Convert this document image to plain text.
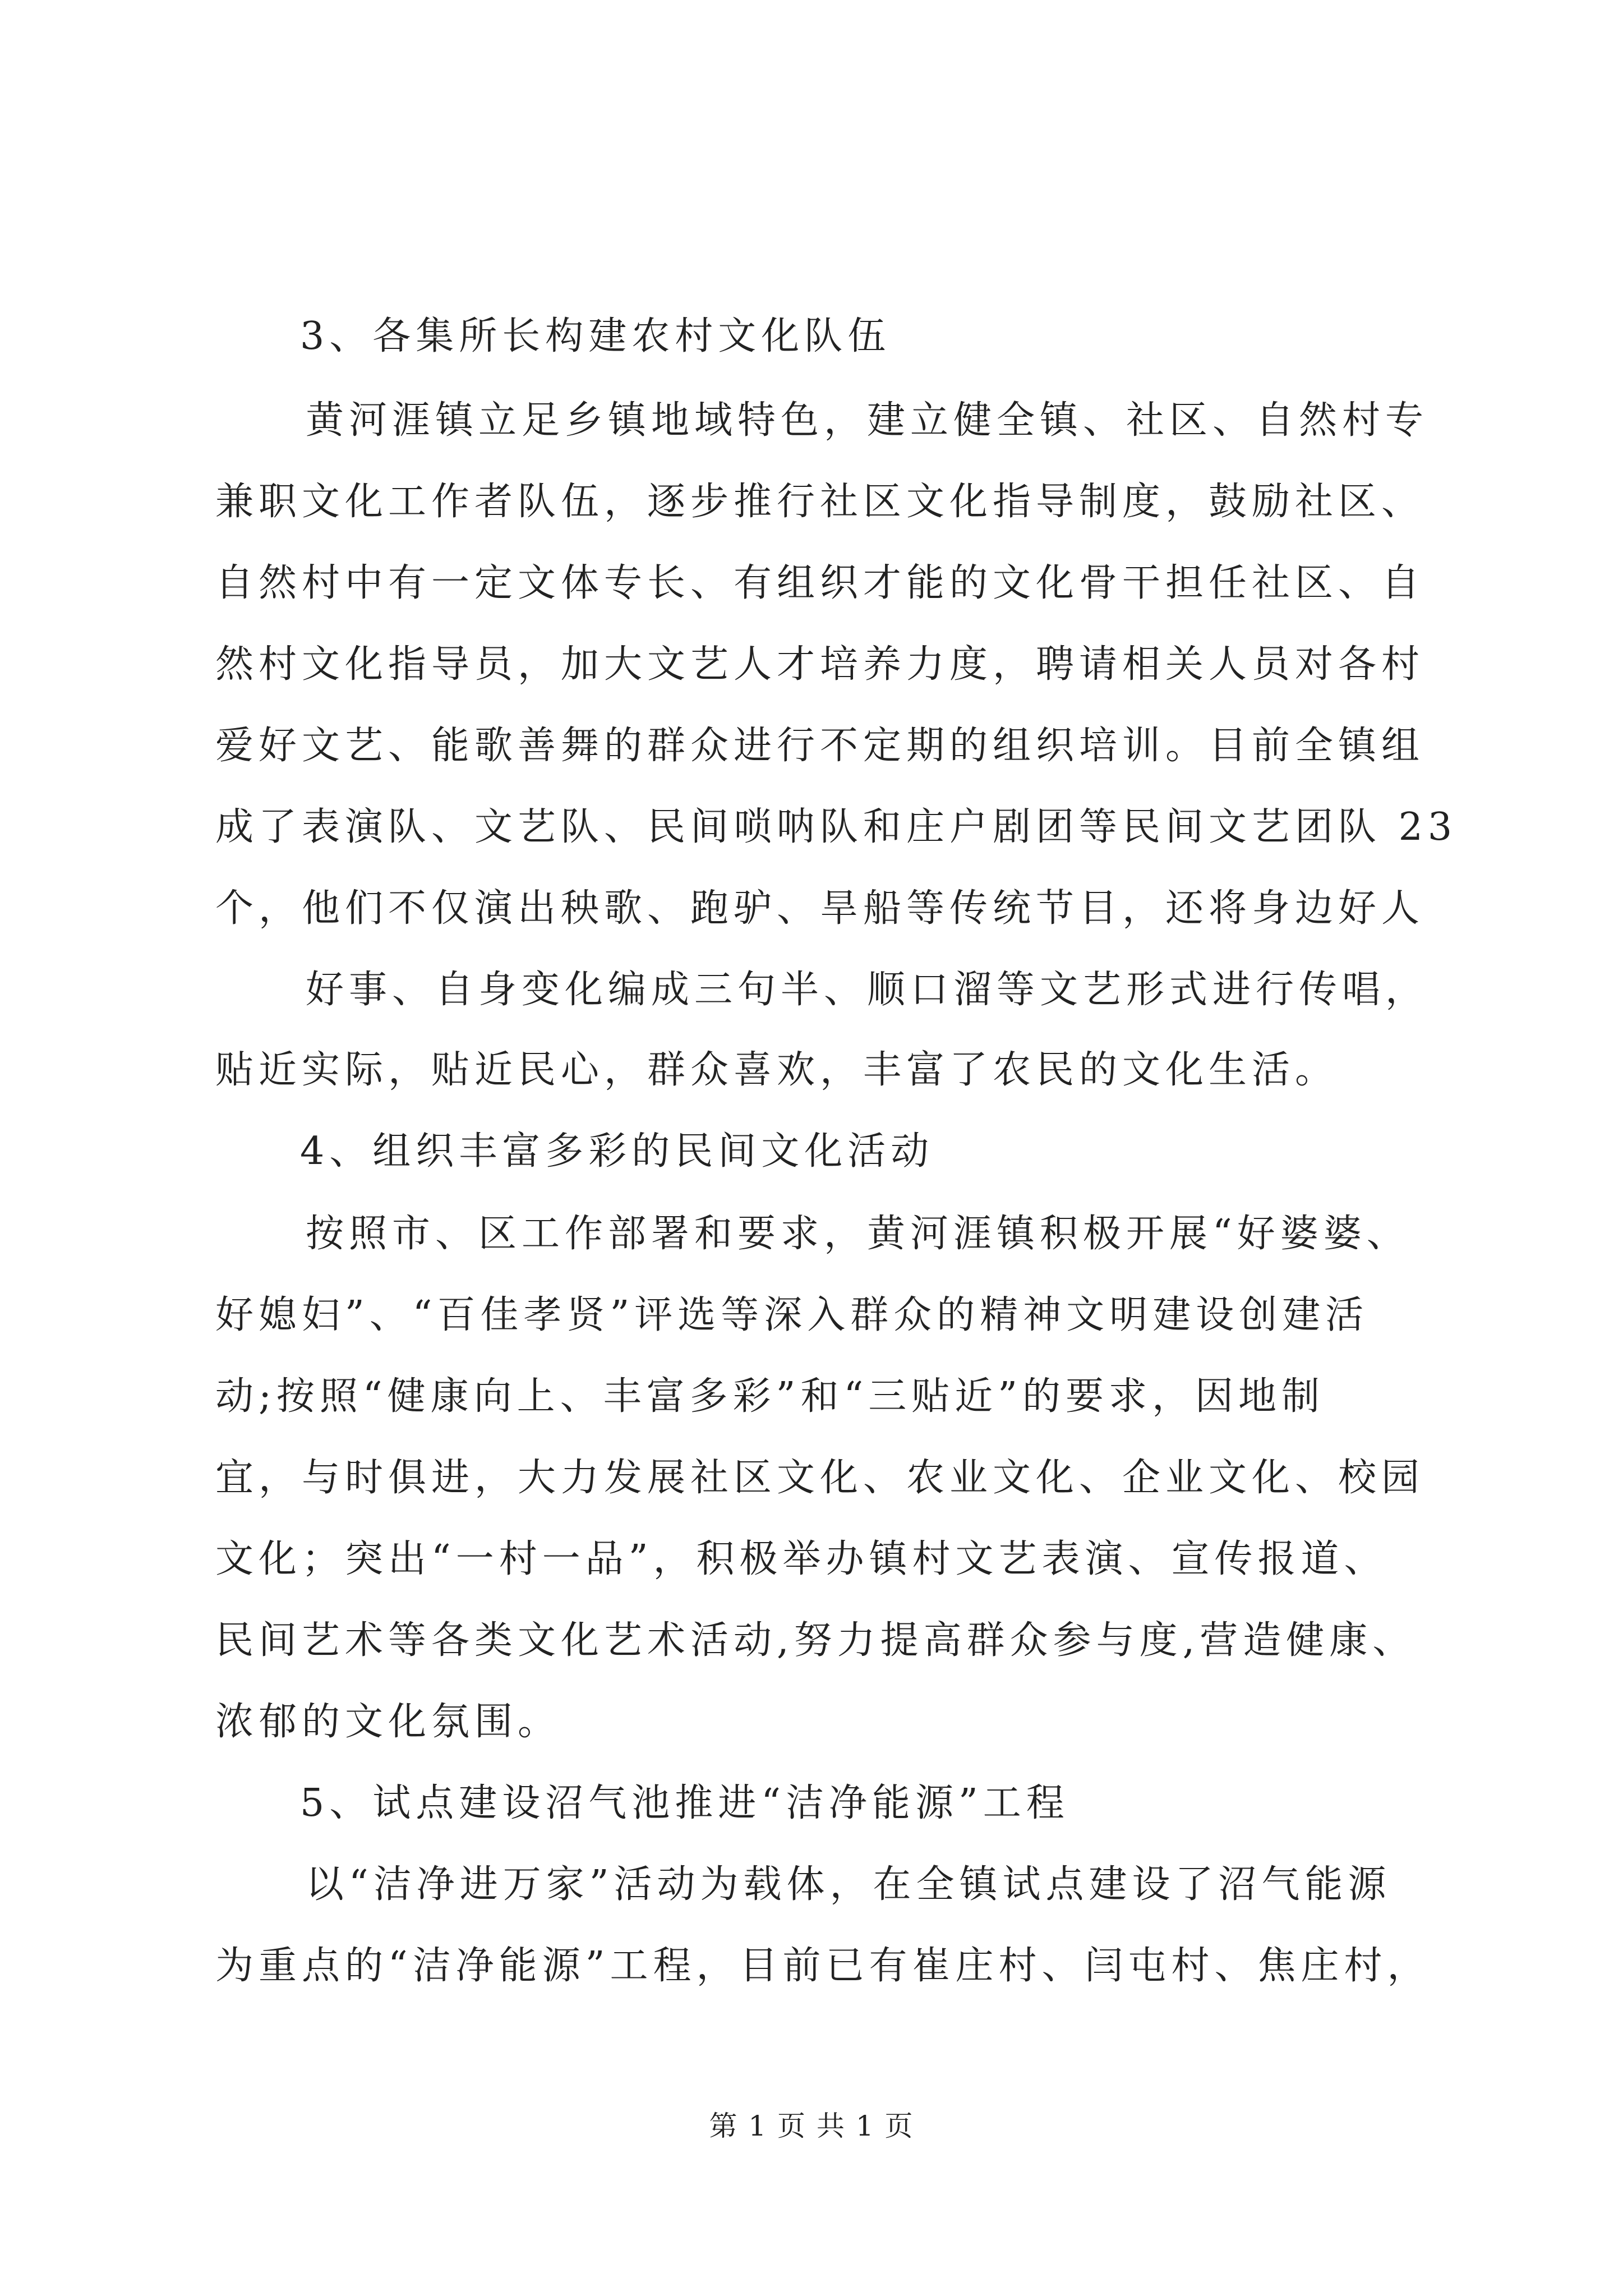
3、各集所长构建农村文化队伍

黄河涯镇立足乡镇地域特色，建立健全镇、社区、自然村专

兼职文化工作者队伍，逐步推行社区文化指导制度，鼓励社区、

自然村中有一定文体专长、有组织才能的文化骨干担任社区、自

然村文化指导员，加大文艺人才培养力度，聘请相关人员对各村

爱好文艺、能歌善舞的群众进行不定期的组织培训。目前全镇组

成了表演队、文艺队、民间唢呐队和庄户剧团等民间文艺团队 23

个，他们不仅演出秧歌、跑驴、旱船等传统节目，还将身边好人

好事、自身变化编成三句半、顺口溜等文艺形式进行传唱，

贴近实际，贴近民心，群众喜欢，丰富了农民的文化生活。

4、组织丰富多彩的民间文化活动

按照市、区工作部署和要求，黄河涯镇积极开展“好婆婆、

好媳妇”、“百佳孝贤”评选等深入群众的精神文明建设创建活

动;按照“健康向上、丰富多彩”和“三贴近”的要求，因地制

宜，与时俱进，大力发展社区文化、农业文化、企业文化、校园

文化；突出“一村一品”，积极举办镇村文艺表演、宣传报道、

民间艺术等各类文化艺术活动,努力提高群众参与度,营造健康、

浓郁的文化氛围。

5、试点建设沼气池推进“洁净能源”工程

以“洁净进万家”活动为载体，在全镇试点建设了沼气能源

为重点的“洁净能源”工程，目前已有崔庄村、闫屯村、焦庄村，

第 1 页 共 1 页
